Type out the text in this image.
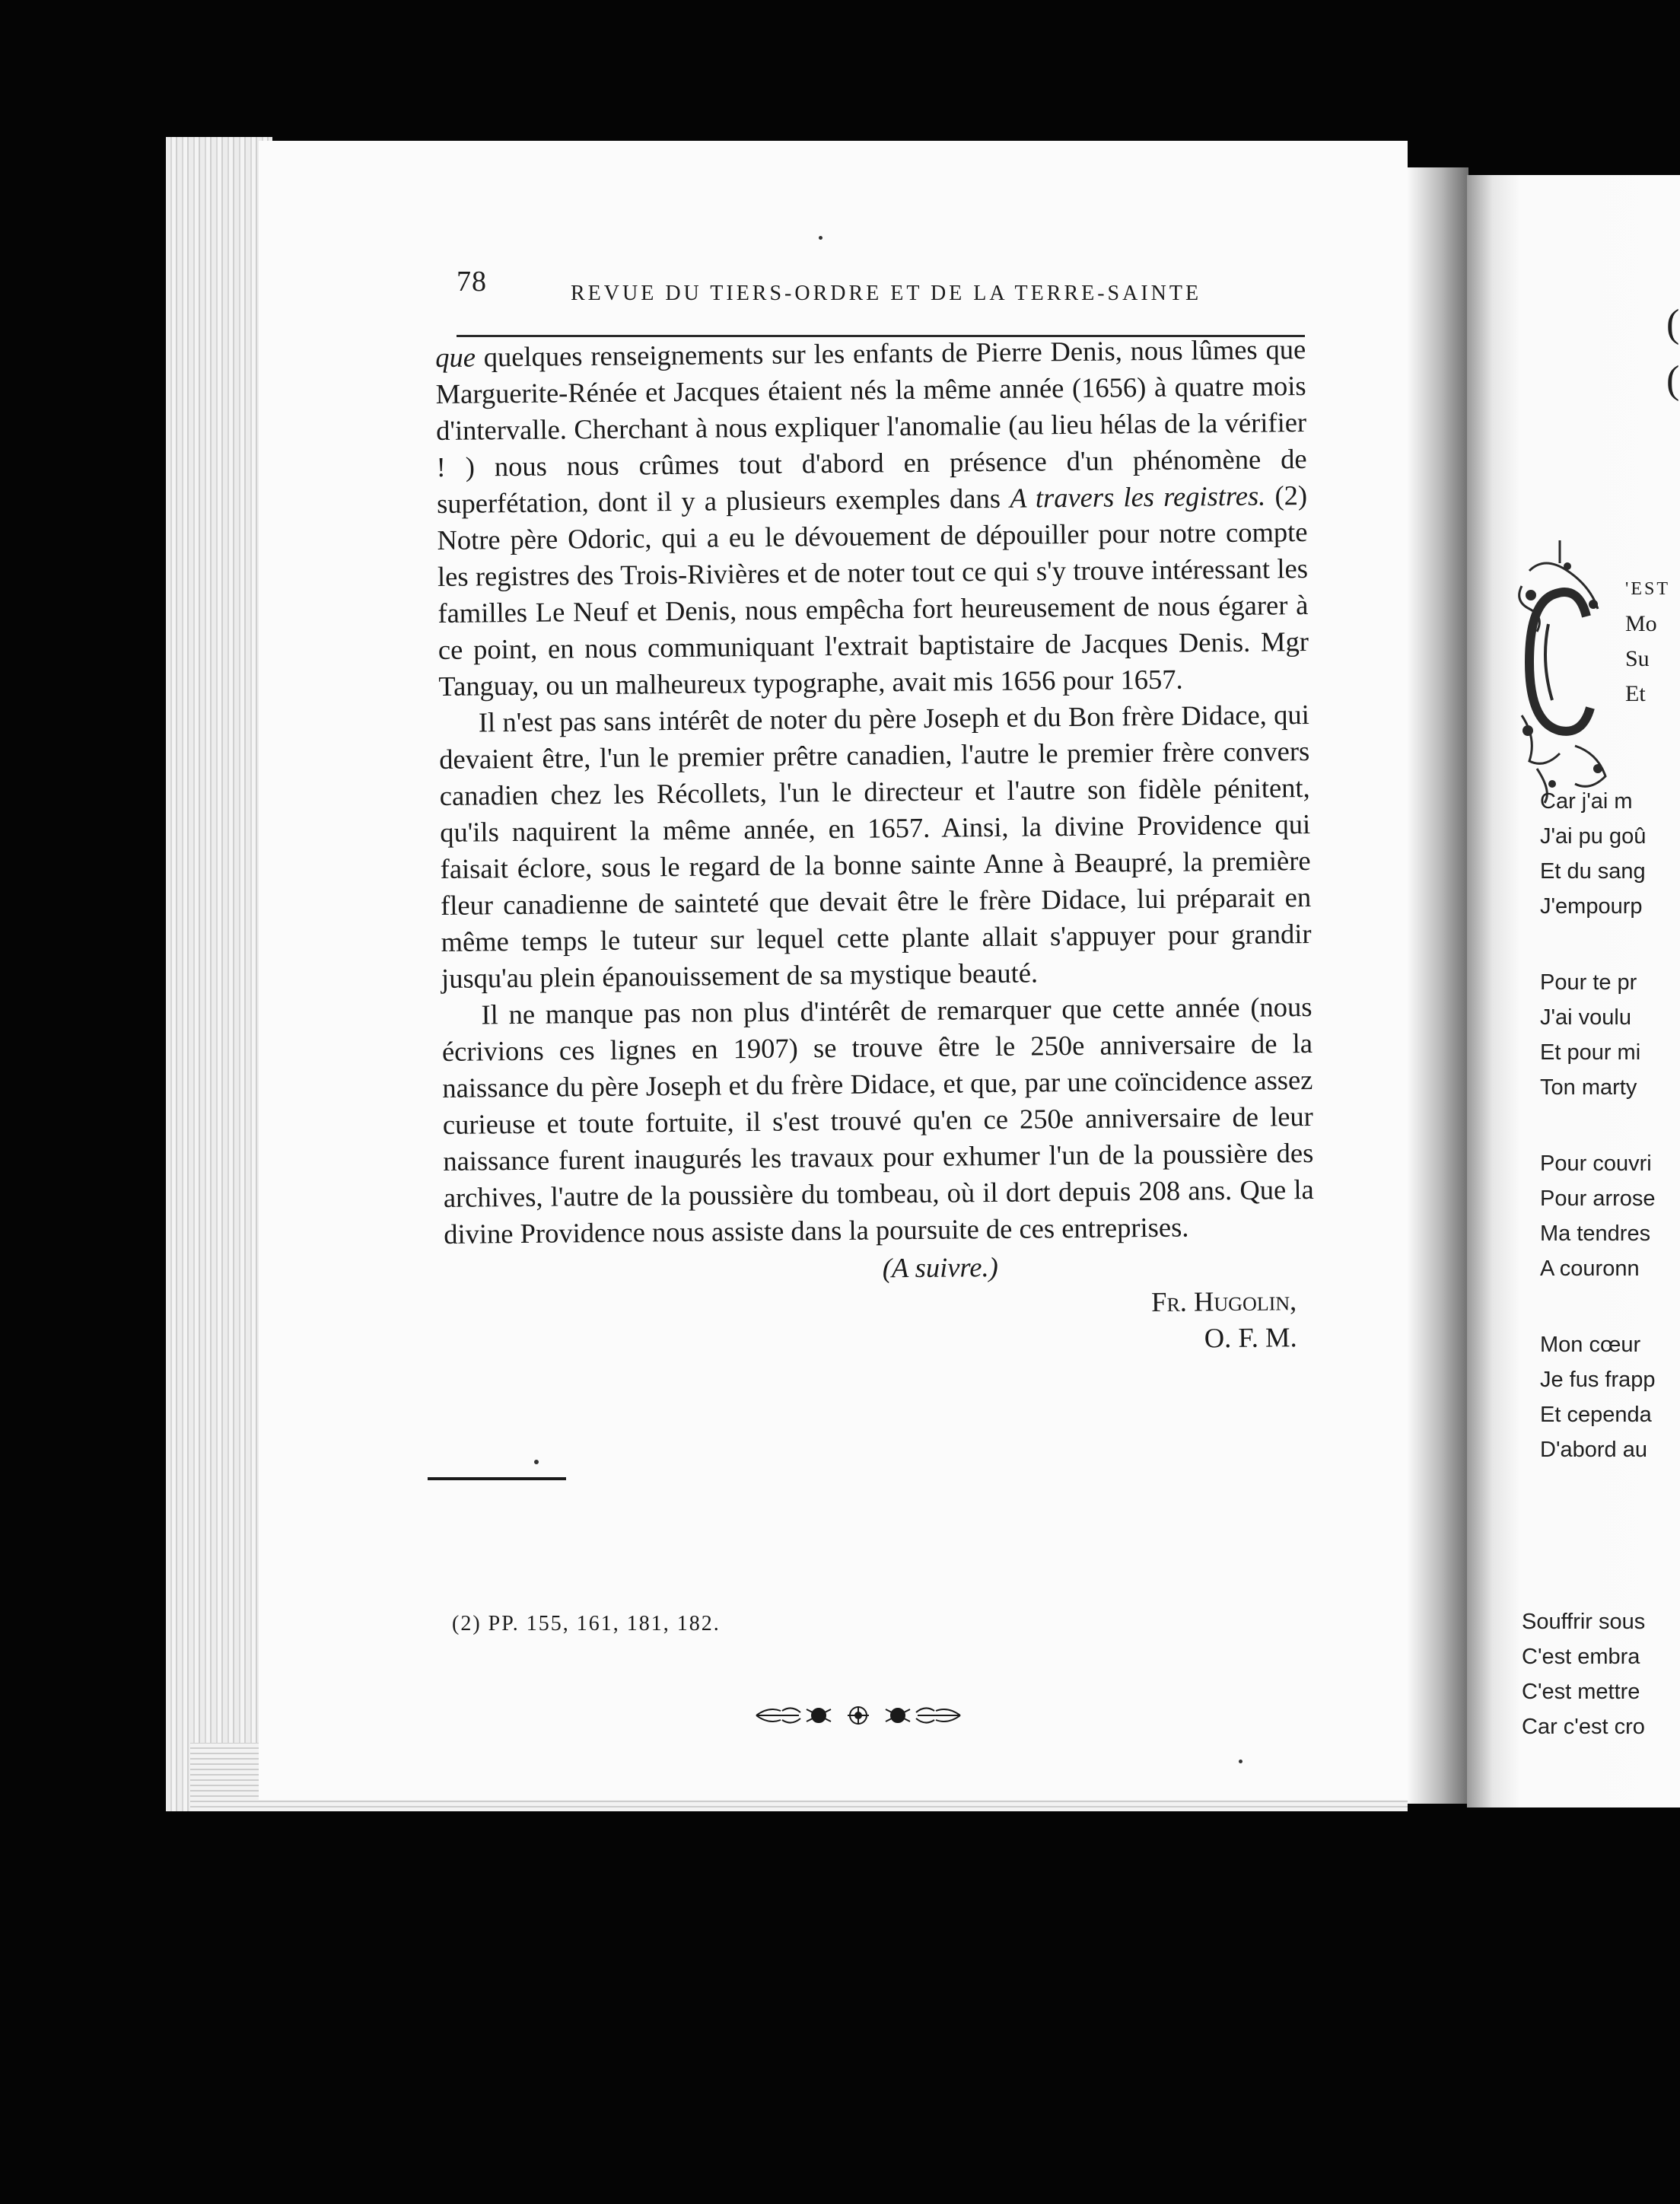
78	REVUE DU TIERS-ORDRE ET DE LA TERRE-SAINTE

que quelques renseignements sur les enfants de Pierre Denis, nous lûmes que Marguerite-Rénée et Jacques étaient nés la même année (1656) à quatre mois d'intervalle. Cherchant à nous expliquer l'anomalie (au lieu hélas de la vérifier ! ) nous nous crûmes tout d'abord en présence d'un phénomène de superfétation, dont il y a plusieurs exemples dans A travers les registres. (2) Notre père Odoric, qui a eu le dévouement de dépouiller pour notre compte les registres des Trois-Rivières et de noter tout ce qui s'y trouve intéressant les familles Le Neuf et Denis, nous empêcha fort heureusement de nous égarer à ce point, en nous communiquant l'extrait baptistaire de Jacques Denis. Mgr Tanguay, ou un malheureux typographe, avait mis 1656 pour 1657.

Il n'est pas sans intérêt de noter du père Joseph et du Bon frère Didace, qui devaient être, l'un le premier prêtre canadien, l'autre le premier frère convers canadien chez les Récollets, l'un le directeur et l'autre son fidèle pénitent, qu'ils naquirent la même année, en 1657. Ainsi, la divine Providence qui faisait éclore, sous le regard de la bonne sainte Anne à Beaupré, la première fleur canadienne de sainteté que devait être le frère Didace, lui préparait en même temps le tuteur sur lequel cette plante allait s'appuyer pour grandir jusqu'au plein épanouissement de sa mystique beauté.

Il ne manque pas non plus d'intérêt de remarquer que cette année (nous écrivions ces lignes en 1907) se trouve être le 250e anniversaire de la naissance du père Joseph et du frère Didace, et que, par une coïncidence assez curieuse et toute fortuite, il s'est trouvé qu'en ce 250e anniversaire de leur naissance furent inaugurés les travaux pour exhumer l'un de la poussière des archives, l'autre de la poussière du tombeau, où il dort depuis 208 ans. Que la divine Providence nous assiste dans la poursuite de ces entreprises.

(A suivre.)

Fr. Hugolin,

O. F. M.

(2) PP. 155, 161, 181, 182.
(
(
'EST
Mo
Su
Et
Car j'ai m
J'ai pu goû
Et du sang
J'empourp
Pour te pr
J'ai voulu
Et pour mi
Ton marty
Pour couvri
Pour arrose
Ma tendres
A couronn
Mon cœur
Je fus frapp
Et cependa
D'abord au
Souffrir sous
C'est embra
C'est mettre
Car c'est cro
